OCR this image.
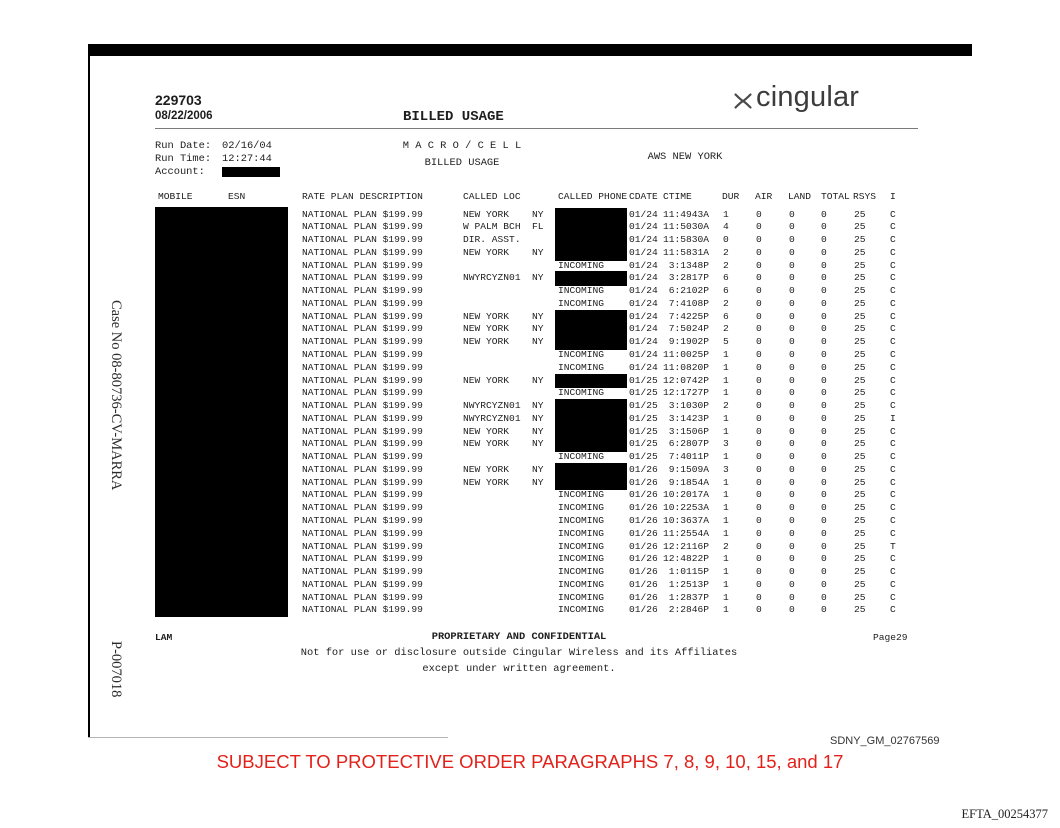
229703
08/22/2006	BILLED USAGE
cingular
Run Date: 02/16/04
Run Time: 12:27:44
Account:
M A C R O / C E L L
BILLED USAGE	AWS NEW YORK
MOBILE	ESN	RATE PLAN DESCRIPTION	CALLED LOC	CALLED PHONE CDATE CTIME	DUR AIR LAND TOTAL RSYS I
NATIONAL PLAN $199.99	NEW YORK NY	01/24 11:4943A 1	0	0	0	25	C
NATIONAL PLAN $199.99	W PALM BCH FL	01/24 11:5030A 4	0	0	0	25	C
NATIONAL PLAN $199.99	DIR. ASST.	01/24 11:5830A 0	0	0	0	25	C
NATIONAL PLAN $199.99	NEW YORK NY	01/24 11:5831A 2	0	0	0	25	C
NATIONAL PLAN $199.99	INCOMING	01/24	3:1348P 2	0	0	0	25	C
NATIONAL PLAN $199.99	NWYRCYZN01 NY	01/24	3:2817P 6	0	0	0	25	C
NATIONAL PLAN $199.99	INCOMING	01/24	6:2102P 6	0	0	0	25	C
NATIONAL PLAN $199.99	INCOMING	01/24	7:4108P 2	0	0	0	25	C
NATIONAL PLAN $199.99	NEW YORK NY	01/24	7:4225P 6	0	0	0	25	C
NATIONAL PLAN $199.99	NEW YORK NY	01/24	7:5024P 2	0	0	0	25	C
NATIONAL PLAN $199.99	NEW YORK NY	01/24	9:1902P 5	0	0	0	25	C
NATIONAL PLAN $199.99	INCOMING	01/24 11:0025P 1	0	0	0	25	C
NATIONAL PLAN $199.99	INCOMING	01/24 11:0820P 1	0	0	0	25	C
NATIONAL PLAN $199.99	NEW YORK NY	01/25 12:0742P 1	0	0	0	25	C
NATIONAL PLAN $199.99	INCOMING	01/25 12:1727P 1	0	0	0	25	C
NATIONAL PLAN $199.99	NWYRCYZN01 NY	01/25	3:1030P 2	0	0	0	25	C
NATIONAL PLAN $199.99	NWYRCYZN01 NY	01/25	3:1423P 1	0	0	0	25	I
NATIONAL PLAN $199.99	NEW YORK NY	01/25	3:1506P 1	0	0	0	25	C
NATIONAL PLAN $199.99	NEW YORK NY	01/25	6:2807P 3	0	0	0	25	C
NATIONAL PLAN $199.99	INCOMING	01/25	7:4011P 1	0	0	0	25	C
NATIONAL PLAN $199.99	NEW YORK NY	01/26	9:1509A 3	0	0	0	25	C
NATIONAL PLAN $199.99	NEW YORK NY	01/26	9:1854A 1	0	0	0	25	C
NATIONAL PLAN $199.99	INCOMING	01/26 10:2017A 1	0	0	0	25	C
NATIONAL PLAN $199.99	INCOMING	01/26 10:2253A 1	0	0	0	25	C
NATIONAL PLAN $199.99	INCOMING	01/26 10:3637A 1	0	0	0	25	C
NATIONAL PLAN $199.99	INCOMING	01/26 11:2554A 1	0	0	0	25	C
NATIONAL PLAN $199.99	INCOMING	01/26 12:2116P 2	0	0	0	25	T
NATIONAL PLAN $199.99	INCOMING	01/26 12:4822P 1	0	0	0	25	C
NATIONAL PLAN $199.99	INCOMING	01/26	1:0115P 1	0	0	0	25	C
NATIONAL PLAN $199.99	INCOMING	01/26	1:2513P 1	0	0	0	25	C
NATIONAL PLAN $199.99	INCOMING	01/26	1:2837P 1	0	0	0	25	C
NATIONAL PLAN $199.99	INCOMING	01/26	2:2846P 1	0	0	0	25	C
LAM	PROPRIETARY AND CONFIDENTIAL	Page29
Not for use or disclosure outside Cingular Wireless and its Affiliates
except under written agreement.
Case No 08-80736-CV-MARRA
P-007018
SDNY_GM_02767569
SUBJECT TO PROTECTIVE ORDER PARAGRAPHS 7, 8, 9, 10, 15, and 17
EFTA_00254377
